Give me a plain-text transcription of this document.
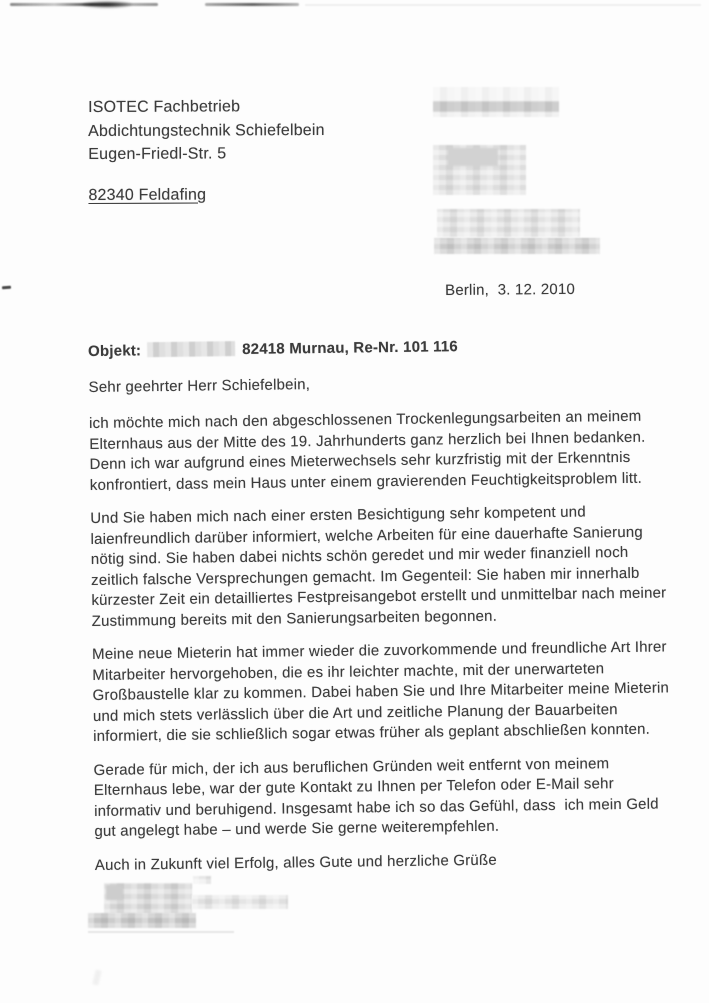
ISOTEC Fachbetrieb
Abdichtungstechnik Schiefelbein
Eugen-Friedl-Str. 5
82340 Feldafing
Berlin,  3. 12. 2010
Objekt:	82418 Murnau, Re-Nr. 101 116
Sehr geehrter Herr Schiefelbein,

ich möchte mich nach den abgeschlossenen Trockenlegungsarbeiten an meinem
Elternhaus aus der Mitte des 19. Jahrhunderts ganz herzlich bei Ihnen bedanken.
Denn ich war aufgrund eines Mieterwechsels sehr kurzfristig mit der Erkenntnis
konfrontiert, dass mein Haus unter einem gravierenden Feuchtigkeitsproblem litt.

Und Sie haben mich nach einer ersten Besichtigung sehr kompetent und
laienfreundlich darüber informiert, welche Arbeiten für eine dauerhafte Sanierung
nötig sind. Sie haben dabei nichts schön geredet und mir weder finanziell noch
zeitlich falsche Versprechungen gemacht. Im Gegenteil: Sie haben mir innerhalb
kürzester Zeit ein detailliertes Festpreisangebot erstellt und unmittelbar nach meiner
Zustimmung bereits mit den Sanierungsarbeiten begonnen.

Meine neue Mieterin hat immer wieder die zuvorkommende und freundliche Art Ihrer
Mitarbeiter hervorgehoben, die es ihr leichter machte, mit der unerwarteten
Großbaustelle klar zu kommen. Dabei haben Sie und Ihre Mitarbeiter meine Mieterin
und mich stets verlässlich über die Art und zeitliche Planung der Bauarbeiten
informiert, die sie schließlich sogar etwas früher als geplant abschließen konnten.

Gerade für mich, der ich aus beruflichen Gründen weit entfernt von meinem
Elternhaus lebe, war der gute Kontakt zu Ihnen per Telefon oder E-Mail sehr
informativ und beruhigend. Insgesamt habe ich so das Gefühl, dass  ich mein Geld
gut angelegt habe – und werde Sie gerne weiterempfehlen.

Auch in Zukunft viel Erfolg, alles Gute und herzliche Grüße
